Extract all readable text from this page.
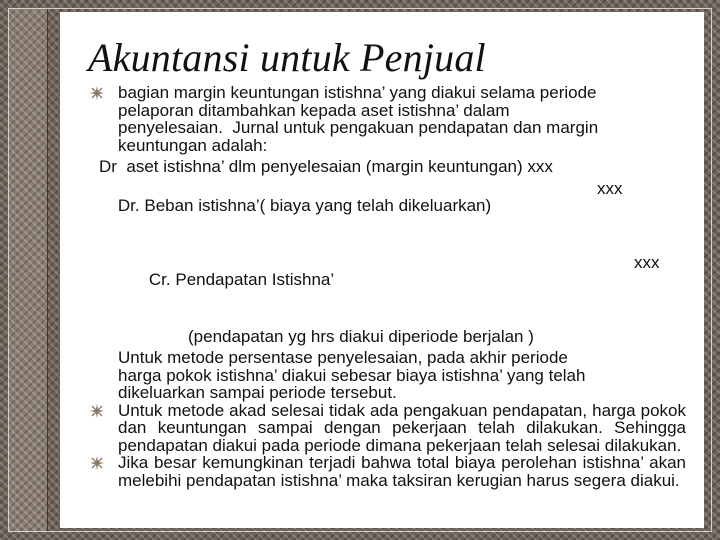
Akuntansi untuk Penjual
bagian margin keuntungan istishna’ yang diakui selama periode
pelaporan ditambahkan kepada aset istishna’ dalam
penyelesaian.  Jurnal untuk pengakuan pendapatan dan margin
keuntungan adalah:
Dr  aset istishna’ dlm penyelesaian (margin keuntungan) xxx

Dr. Beban istishna’( biaya yang telah dikeluarkan)

xxx

Cr. Pendapatan Istishna’

xxx

(pendapatan yg hrs diakui diperiode berjalan )
Untuk metode persentase penyelesaian, pada akhir periode
harga pokok istishna’ diakui sebesar biaya istishna’ yang telah
dikeluarkan sampai periode tersebut.
Untuk metode akad selesai tidak ada pengakuan pendapatan, harga pokok dan keuntungan sampai dengan pekerjaan telah dilakukan. Sehingga pendapatan diakui pada periode dimana pekerjaan telah selesai dilakukan.
Jika besar kemungkinan terjadi bahwa total biaya perolehan istishna’ akan melebihi pendapatan istishna’ maka taksiran kerugian harus segera diakui.
